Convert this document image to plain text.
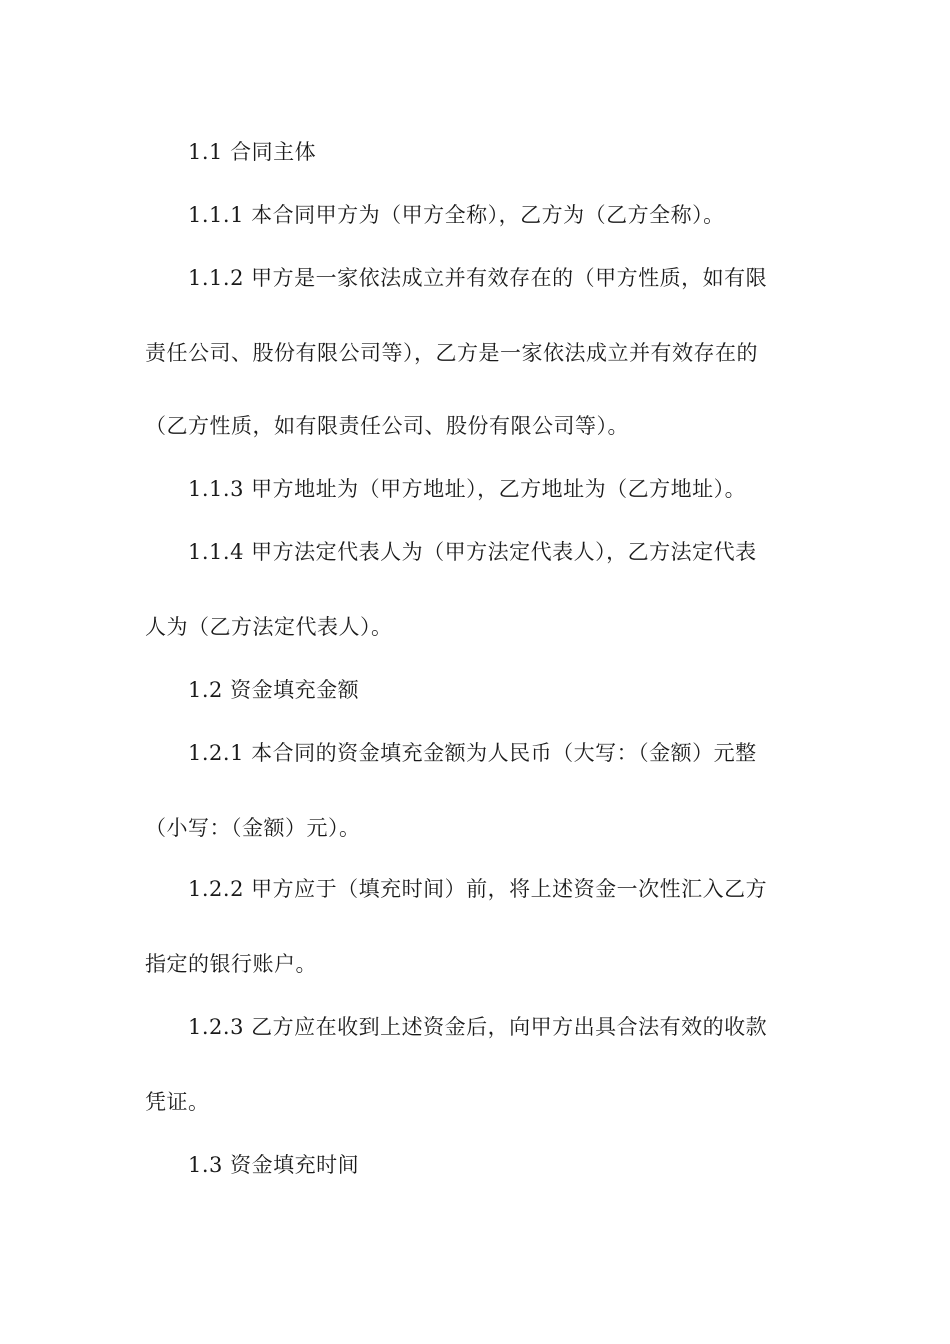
1.1 合同主体
1.1.1 本合同甲方为（甲方全称），乙方为（乙方全称）。
1.1.2 甲方是一家依法成立并有效存在的（甲方性质，如有限
责任公司、股份有限公司等），乙方是一家依法成立并有效存在的
（乙方性质，如有限责任公司、股份有限公司等）。
1.1.3 甲方地址为（甲方地址），乙方地址为（乙方地址）。
1.1.4 甲方法定代表人为（甲方法定代表人），乙方法定代表
人为（乙方法定代表人）。
1.2 资金填充金额
1.2.1 本合同的资金填充金额为人民币（大写：（金额）元整
（小写：（金额）元）。
1.2.2 甲方应于（填充时间）前，将上述资金一次性汇入乙方
指定的银行账户。
1.2.3 乙方应在收到上述资金后，向甲方出具合法有效的收款
凭证。
1.3 资金填充时间
